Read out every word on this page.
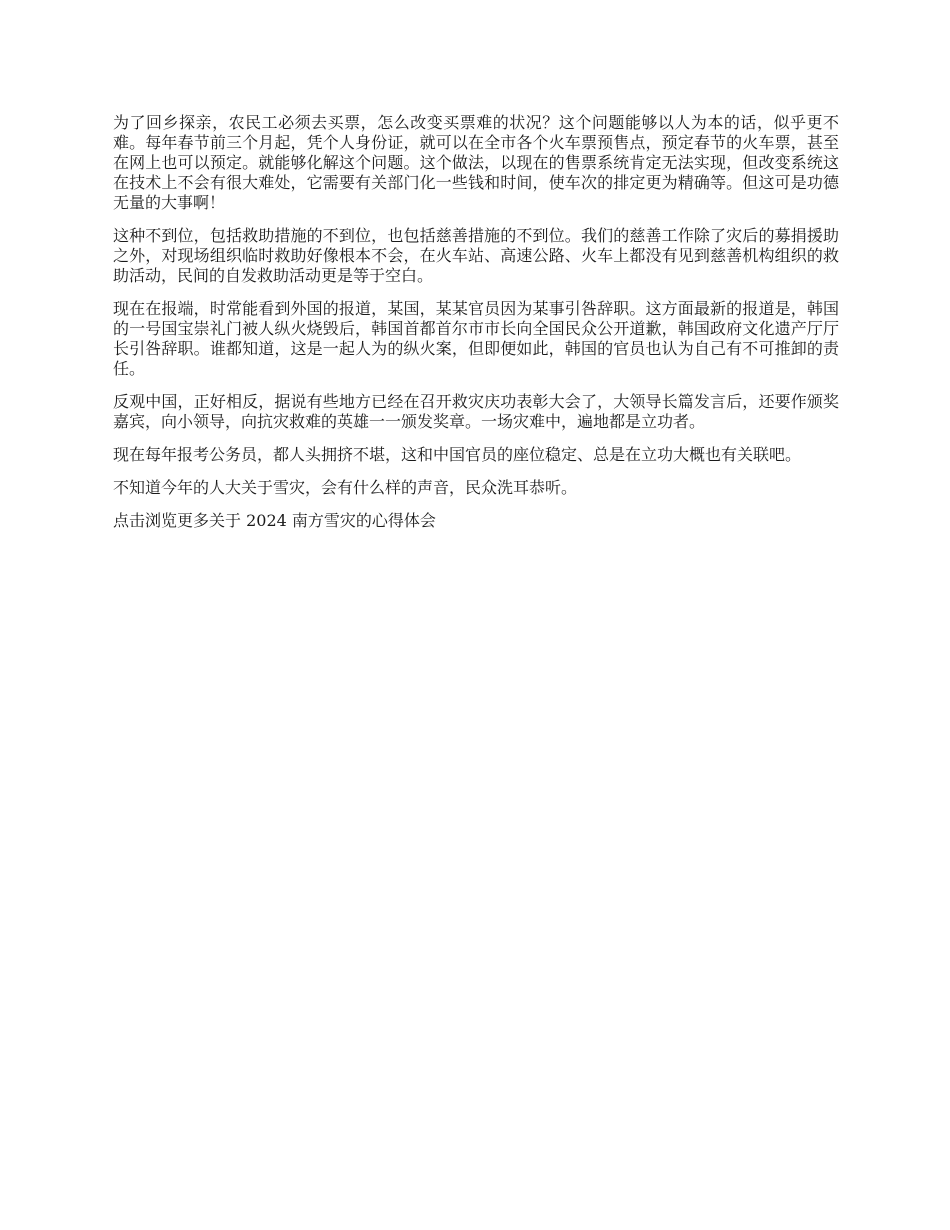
为了回乡探亲，农民工必须去买票，怎么改变买票难的状况？这个问题能够以人为本的话，似乎更不难。每年春节前三个月起，凭个人身份证，就可以在全市各个火车票预售点，预定春节的火车票，甚至在网上也可以预定。就能够化解这个问题。这个做法，以现在的售票系统肯定无法实现，但改变系统这在技术上不会有很大难处，它需要有关部门化一些钱和时间，使车次的排定更为精确等。但这可是功德无量的大事啊！

这种不到位，包括救助措施的不到位，也包括慈善措施的不到位。我们的慈善工作除了灾后的募捐援助之外，对现场组织临时救助好像根本不会，在火车站、高速公路、火车上都没有见到慈善机构组织的救助活动，民间的自发救助活动更是等于空白。

现在在报端，时常能看到外国的报道，某国，某某官员因为某事引咎辞职。这方面最新的报道是，韩国的一号国宝崇礼门被人纵火烧毁后，韩国首都首尔市市长向全国民众公开道歉，韩国政府文化遗产厅厅长引咎辞职。谁都知道，这是一起人为的纵火案，但即便如此，韩国的官员也认为自己有不可推卸的责任。

反观中国，正好相反，据说有些地方已经在召开救灾庆功表彰大会了，大领导长篇发言后，还要作颁奖嘉宾，向小领导，向抗灾救难的英雄一一颁发奖章。一场灾难中，遍地都是立功者。

现在每年报考公务员，都人头拥挤不堪，这和中国官员的座位稳定、总是在立功大概也有关联吧。

不知道今年的人大关于雪灾，会有什么样的声音，民众洗耳恭听。

点击浏览更多关于 2024 南方雪灾的心得体会
